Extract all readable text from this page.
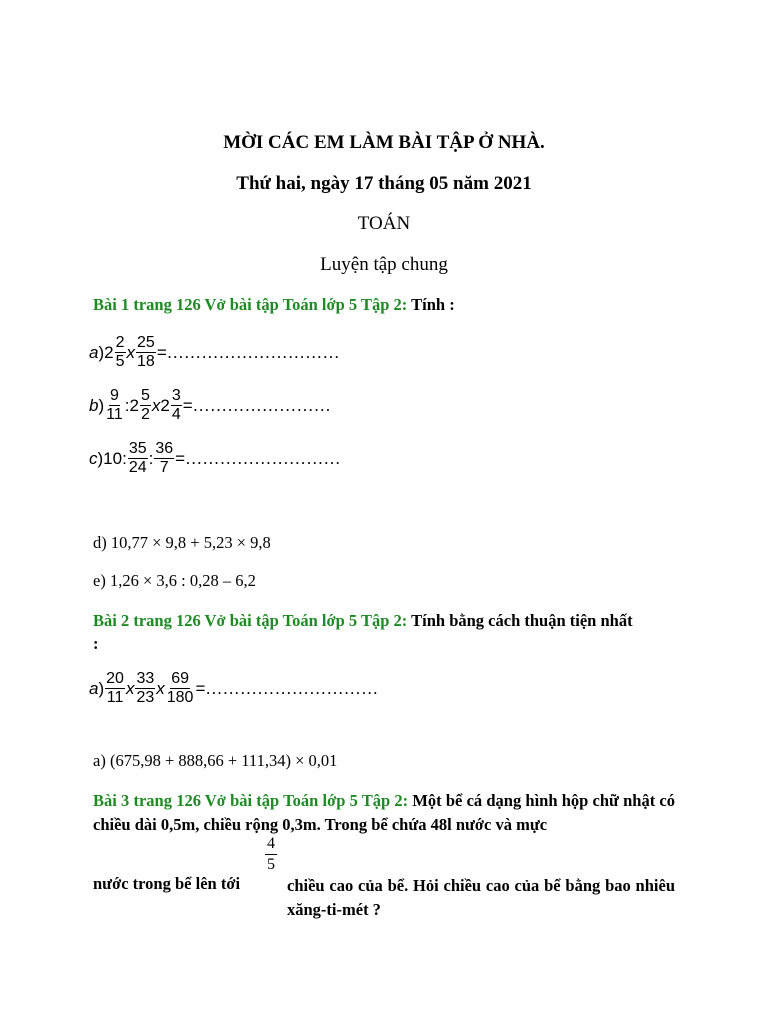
MỜI CÁC EM LÀM BÀI TẬP Ở NHÀ.
Thứ hai, ngày 17 tháng 05 năm 2021
TOÁN
Luyện tập chung
Bài 1 trang 126 Vở bài tập Toán lớp 5 Tập 2: Tính :
a ) $2 \frac{2}{5}$ x $\frac{25}{18}$ = …………………………
b ) $\frac{9}{11}$ : $2 \frac{5}{2}$ x $2 \frac{3}{4}$ = ……………………
c ) 10 : $\frac{35}{24}$ : $\frac{36}{7}$ = ………………………
d) 10,77 × 9,8 + 5,23 × 9,8
e) 1,26 × 3,6 : 0,28 – 6,2
Bài 2 trang 126 Vở bài tập Toán lớp 5 Tập 2: Tính bằng cách thuận tiện nhất
:
a ) $\frac{20}{11}$ x $\frac{33}{23}$ x $\frac{69}{180}$ = …………………………
a) (675,98 + 888,66 + 111,34) × 0,01
Bài 3 trang 126 Vở bài tập Toán lớp 5 Tập 2: Một bể cá dạng hình hộp chữ nhật có chiều dài 0,5m, chiều rộng 0,3m. Trong bể chứa 48l nước và mực
$\frac{4}{5}$
nước trong bể lên tới	chiều cao của bể. Hỏi chiều cao của bể bằng bao nhiêu xăng-ti-mét ?
